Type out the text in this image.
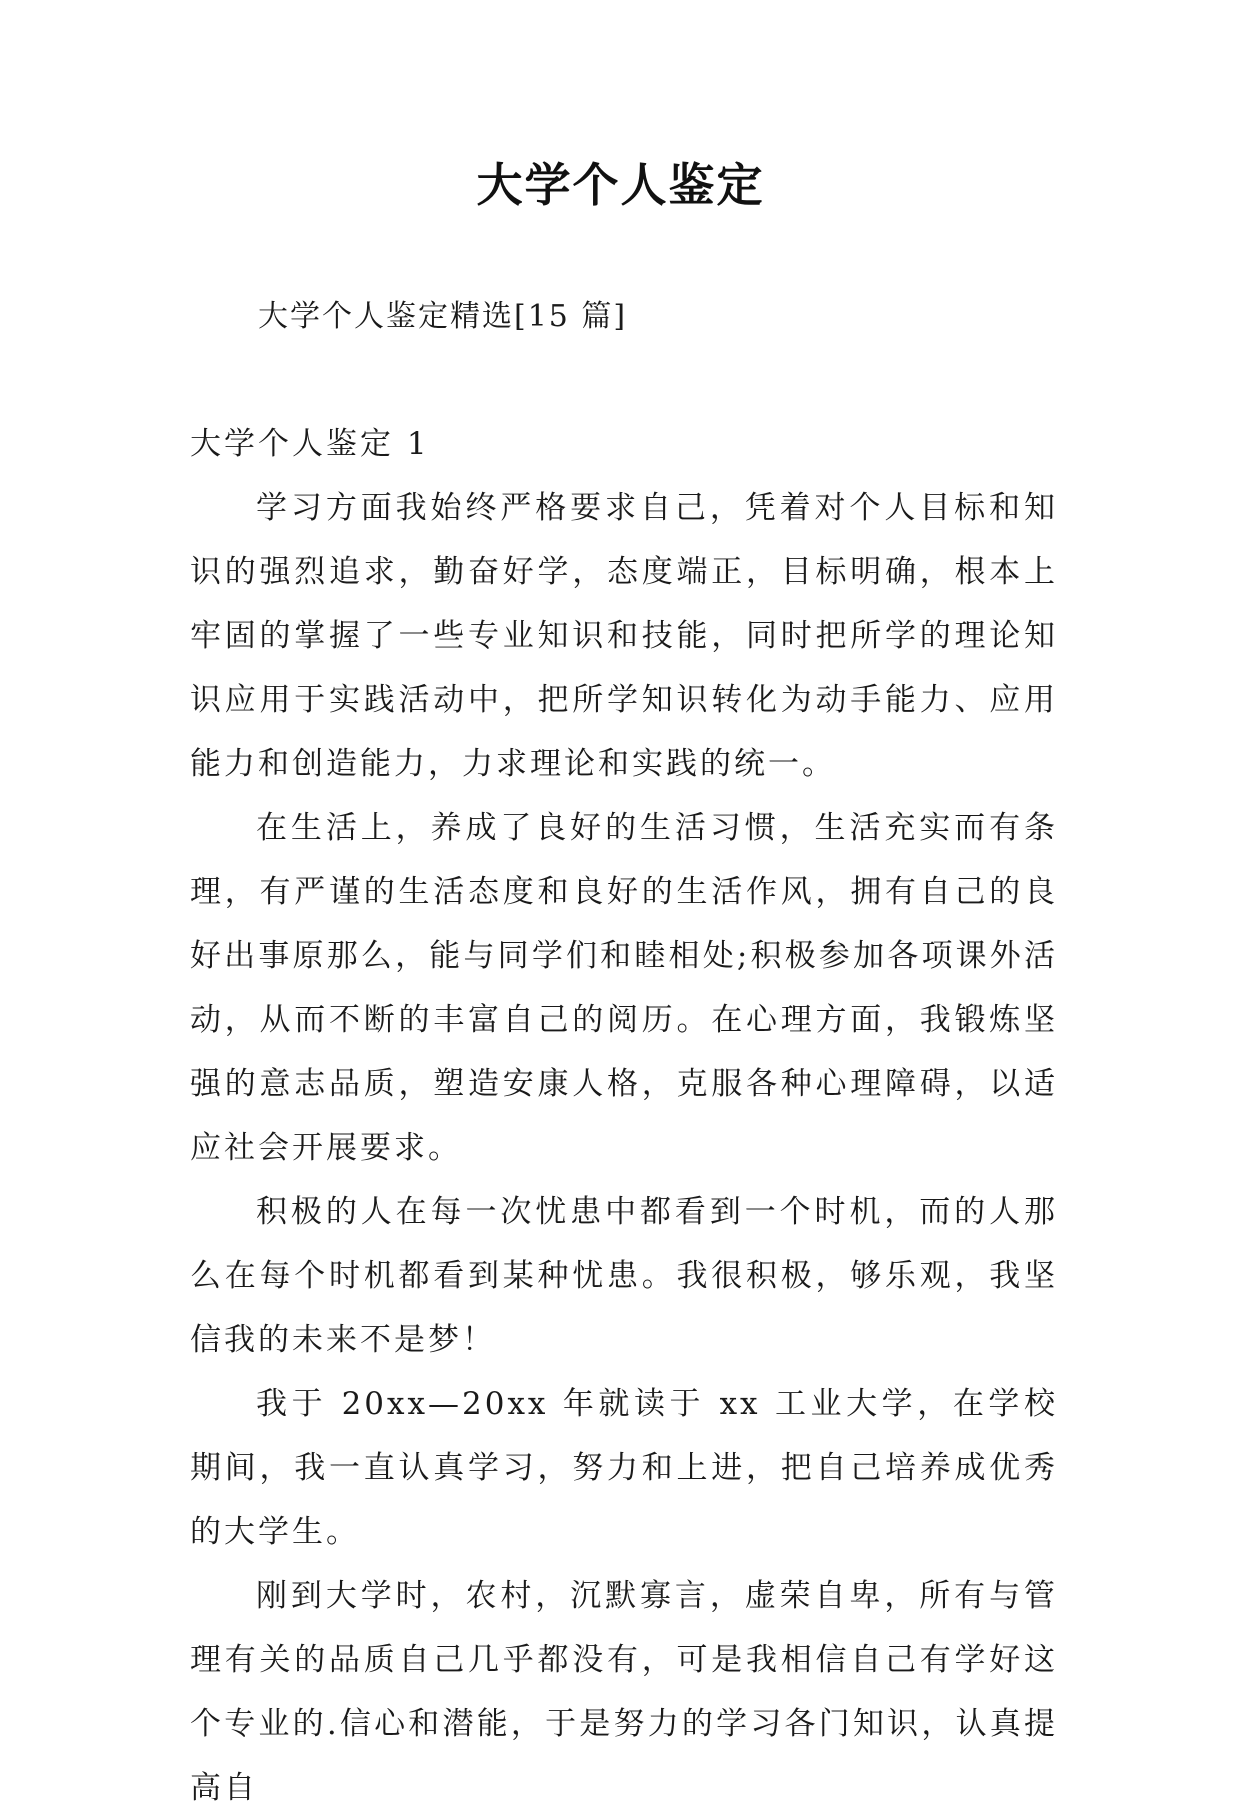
大学个人鉴定
大学个人鉴定精选[15 篇]

大学个人鉴定 1

学习方面我始终严格要求自己，凭着对个人目标和知识的强烈追求，勤奋好学，态度端正，目标明确，根本上牢固的掌握了一些专业知识和技能，同时把所学的理论知识应用于实践活动中，把所学知识转化为动手能力、应用能力和创造能力，力求理论和实践的统一。

在生活上，养成了良好的生活习惯，生活充实而有条理，有严谨的生活态度和良好的生活作风，拥有自己的良好出事原那么，能与同学们和睦相处;积极参加各项课外活动，从而不断的丰富自己的阅历。在心理方面，我锻炼坚强的意志品质，塑造安康人格，克服各种心理障碍，以适应社会开展要求。

积极的人在每一次忧患中都看到一个时机，而的人那么在每个时机都看到某种忧患。我很积极，够乐观，我坚信我的未来不是梦！

我于 20xx—20xx 年就读于 xx 工业大学，在学校期间，我一直认真学习，努力和上进，把自己培养成优秀的大学生。

刚到大学时，农村，沉默寡言，虚荣自卑，所有与管理有关的品质自己几乎都没有，可是我相信自己有学好这个专业的.信心和潜能，于是努力的学习各门知识，认真提高自
